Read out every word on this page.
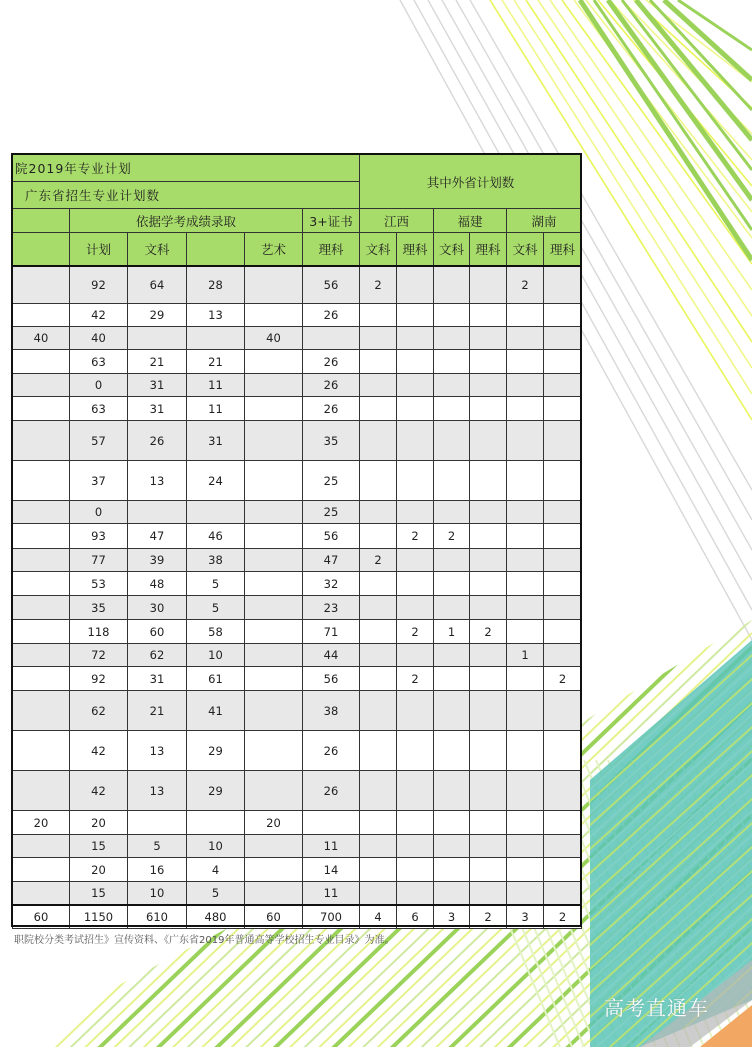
院2019年专业计划						其中外省计划数					
广东省招生专业计划数											
	依据学考成绩录取				3+证书	江西		福建		湖南	
	计划	文科		艺术	理科	文科	理科	文科	理科	文科	理科
	92	64	28		56	2				2	
	42	29	13		26						
40	40			40							
	63	21	21		26						
	0	31	11		26						
	63	31	11		26						
	57	26	31		35						
	37	13	24		25						
	0				25						
	93	47	46		56		2	2			
	77	39	38		47	2					
	53	48	5		32						
	35	30	5		23						
	118	60	58		71		2	1	2		
	72	62	10		44					1	
	92	31	61		56		2				2
	62	21	41		38						
	42	13	29		26						
	42	13	29		26						
20	20			20							
	15	5	10		11						
	20	16	4		14						
	15	10	5		11						
60	1150	610	480	60	700	4	6	3	2	3	2
职院校分类考试招生》宣传资料、《广东省2019年普通高等学校招生专业目录》为准。
高考直通车
